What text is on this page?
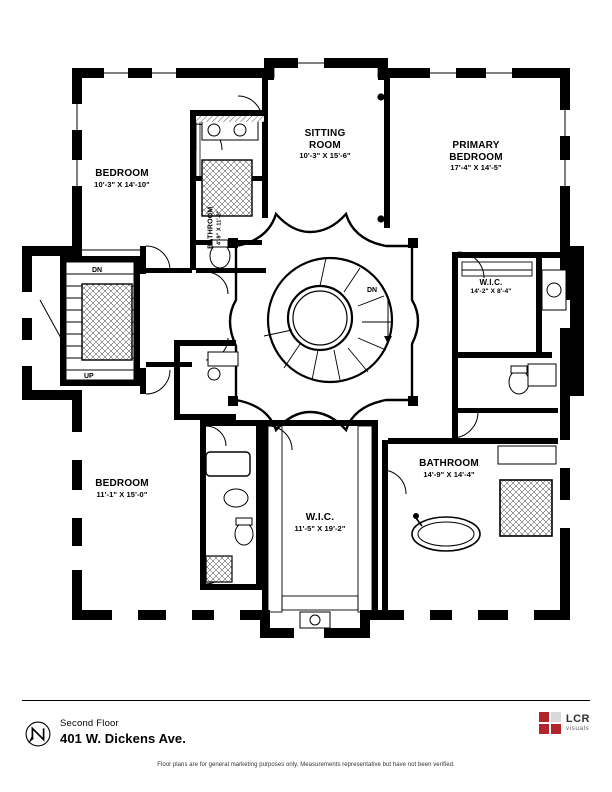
DN
UP
DN
BEDROOM
10'-3" X 14'-10"
SITTING
ROOM
10'-3" X 15'-6"
PRIMARY
BEDROOM
17'-4" X 14'-5"
BATHROOM 4'-9" X 11'-2"
W.I.C.
14'-2" X 8'-4"
BEDROOM
11'-1" X 15'-0"
W.I.C.
11'-5" X 19'-2"
BATHROOM
14'-9" X 14'-4"
Second Floor
401 W. Dickens Ave.
Floor plans are for general marketing purposes only. Measurements representative but have not been verified.
LCR
visuals
